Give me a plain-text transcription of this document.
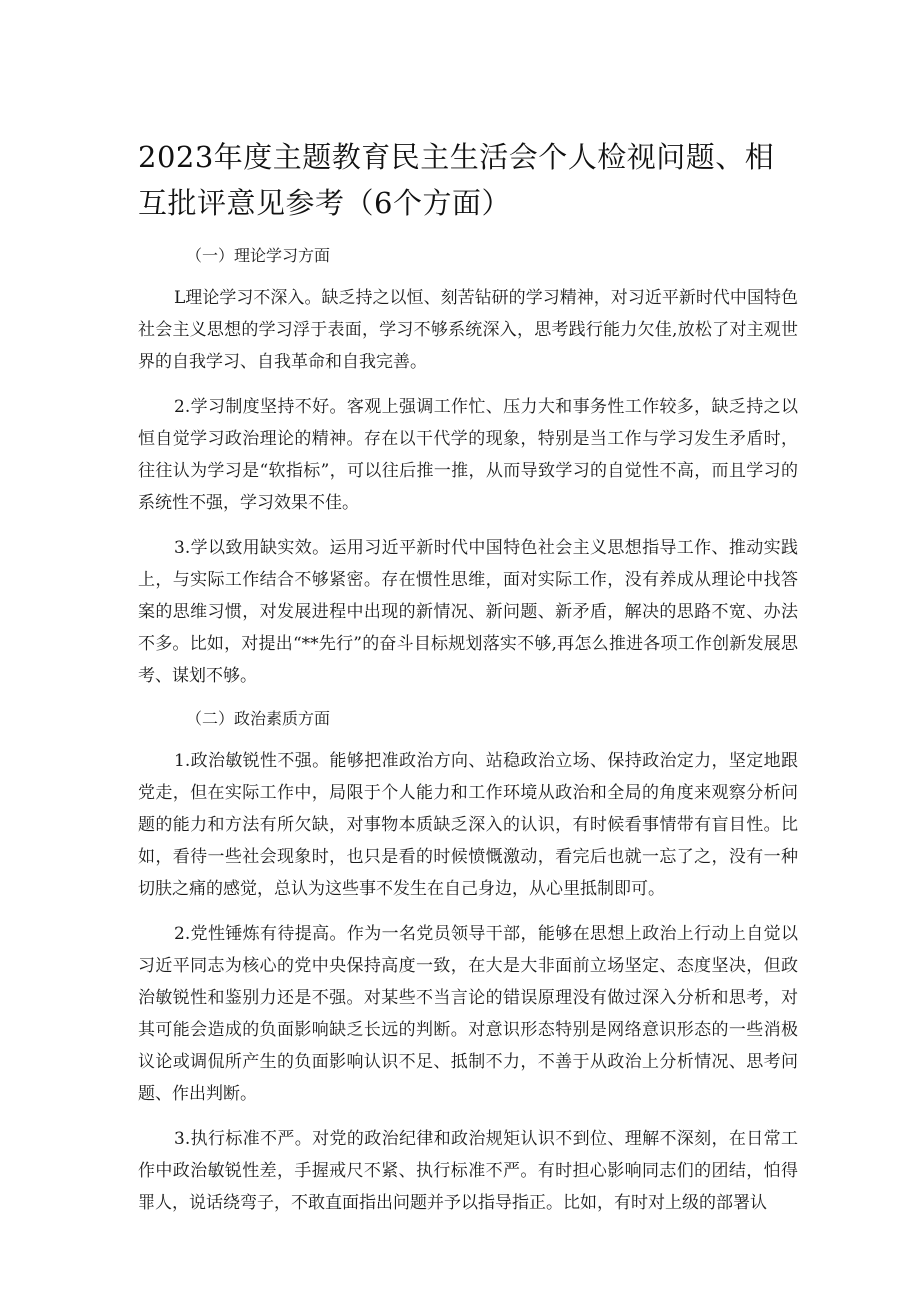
2023年度主题教育民主生活会个人检视问题、相互批评意见参考（6个方面）

（一）理论学习方面

L理论学习不深入。缺乏持之以恒、刻苦钻研的学习精神，对习近平新时代中国特色社会主义思想的学习浮于表面，学习不够系统深入，思考践行能力欠佳,放松了对主观世界的自我学习、自我革命和自我完善。

2.学习制度坚持不好。客观上强调工作忙、压力大和事务性工作较多，缺乏持之以恒自觉学习政治理论的精神。存在以干代学的现象，特别是当工作与学习发生矛盾时，往往认为学习是“软指标”，可以往后推一推，从而导致学习的自觉性不高，而且学习的系统性不强，学习效果不佳。

3.学以致用缺实效。运用习近平新时代中国特色社会主义思想指导工作、推动实践上，与实际工作结合不够紧密。存在惯性思维，面对实际工作，没有养成从理论中找答案的思维习惯，对发展进程中出现的新情况、新问题、新矛盾，解决的思路不宽、办法不多。比如，对提出“**先行”的奋斗目标规划落实不够,再怎么推进各项工作创新发展思考、谋划不够。

（二）政治素质方面

1.政治敏锐性不强。能够把准政治方向、站稳政治立场、保持政治定力，坚定地跟党走，但在实际工作中，局限于个人能力和工作环境从政治和全局的角度来观察分析问题的能力和方法有所欠缺，对事物本质缺乏深入的认识，有时候看事情带有盲目性。比如，看待一些社会现象时，也只是看的时候愤慨激动，看完后也就一忘了之，没有一种切肤之痛的感觉，总认为这些事不发生在自己身边，从心里抵制即可。

2.党性锤炼有待提高。作为一名党员领导干部，能够在思想上政治上行动上自觉以习近平同志为核心的党中央保持高度一致，在大是大非面前立场坚定、态度坚决，但政治敏锐性和鉴别力还是不强。对某些不当言论的错误原理没有做过深入分析和思考，对其可能会造成的负面影响缺乏长远的判断。对意识形态特别是网络意识形态的一些消极议论或调侃所产生的负面影响认识不足、抵制不力，不善于从政治上分析情况、思考问题、作出判断。

3.执行标准不严。对党的政治纪律和政治规矩认识不到位、理解不深刻，在日常工作中政治敏锐性差，手握戒尺不紧、执行标准不严。有时担心影响同志们的团结，怕得罪人，说话绕弯子，不敢直面指出问题并予以指导指正。比如，有时对上级的部署认
